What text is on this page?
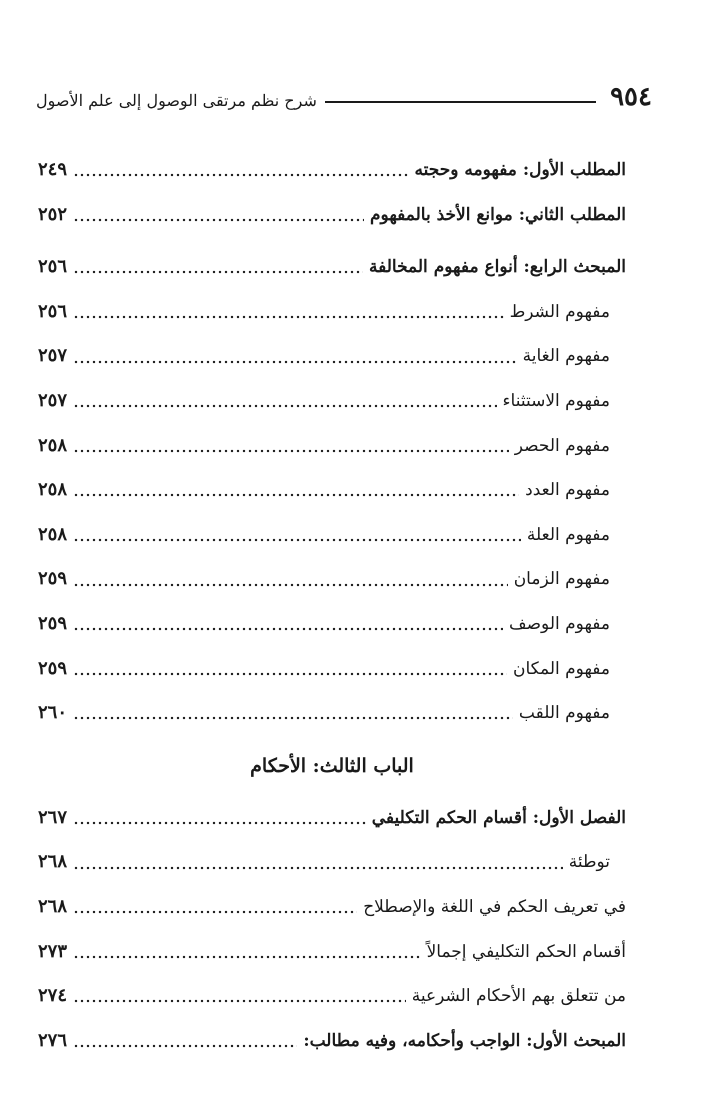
٩٥٤
شرح نظم مرتقى الوصول إلى علم الأصول
المطلب الأول: مفهومه وحجته
٢٤٩
المطلب الثاني: موانع الأخذ بالمفهوم
٢٥٢
المبحث الرابع: أنواع مفهوم المخالفة
٢٥٦
مفهوم الشرط
٢٥٦
مفهوم الغاية
٢٥٧
مفهوم الاستثناء
٢٥٧
مفهوم الحصر
٢٥٨
مفهوم العدد
٢٥٨
مفهوم العلة
٢٥٨
مفهوم الزمان
٢٥٩
مفهوم الوصف
٢٥٩
مفهوم المكان
٢٥٩
مفهوم اللقب
٢٦٠
الباب الثالث: الأحكام
الفصل الأول: أقسام الحكم التكليفي
٢٦٧
توطئة
٢٦٨
في تعريف الحكم في اللغة والإصطلاح
٢٦٨
أقسام الحكم التكليفي إجمالاً
٢٧٣
من تتعلق بهم الأحكام الشرعية
٢٧٤
المبحث الأول: الواجب وأحكامه، وفيه مطالب:
٢٧٦
